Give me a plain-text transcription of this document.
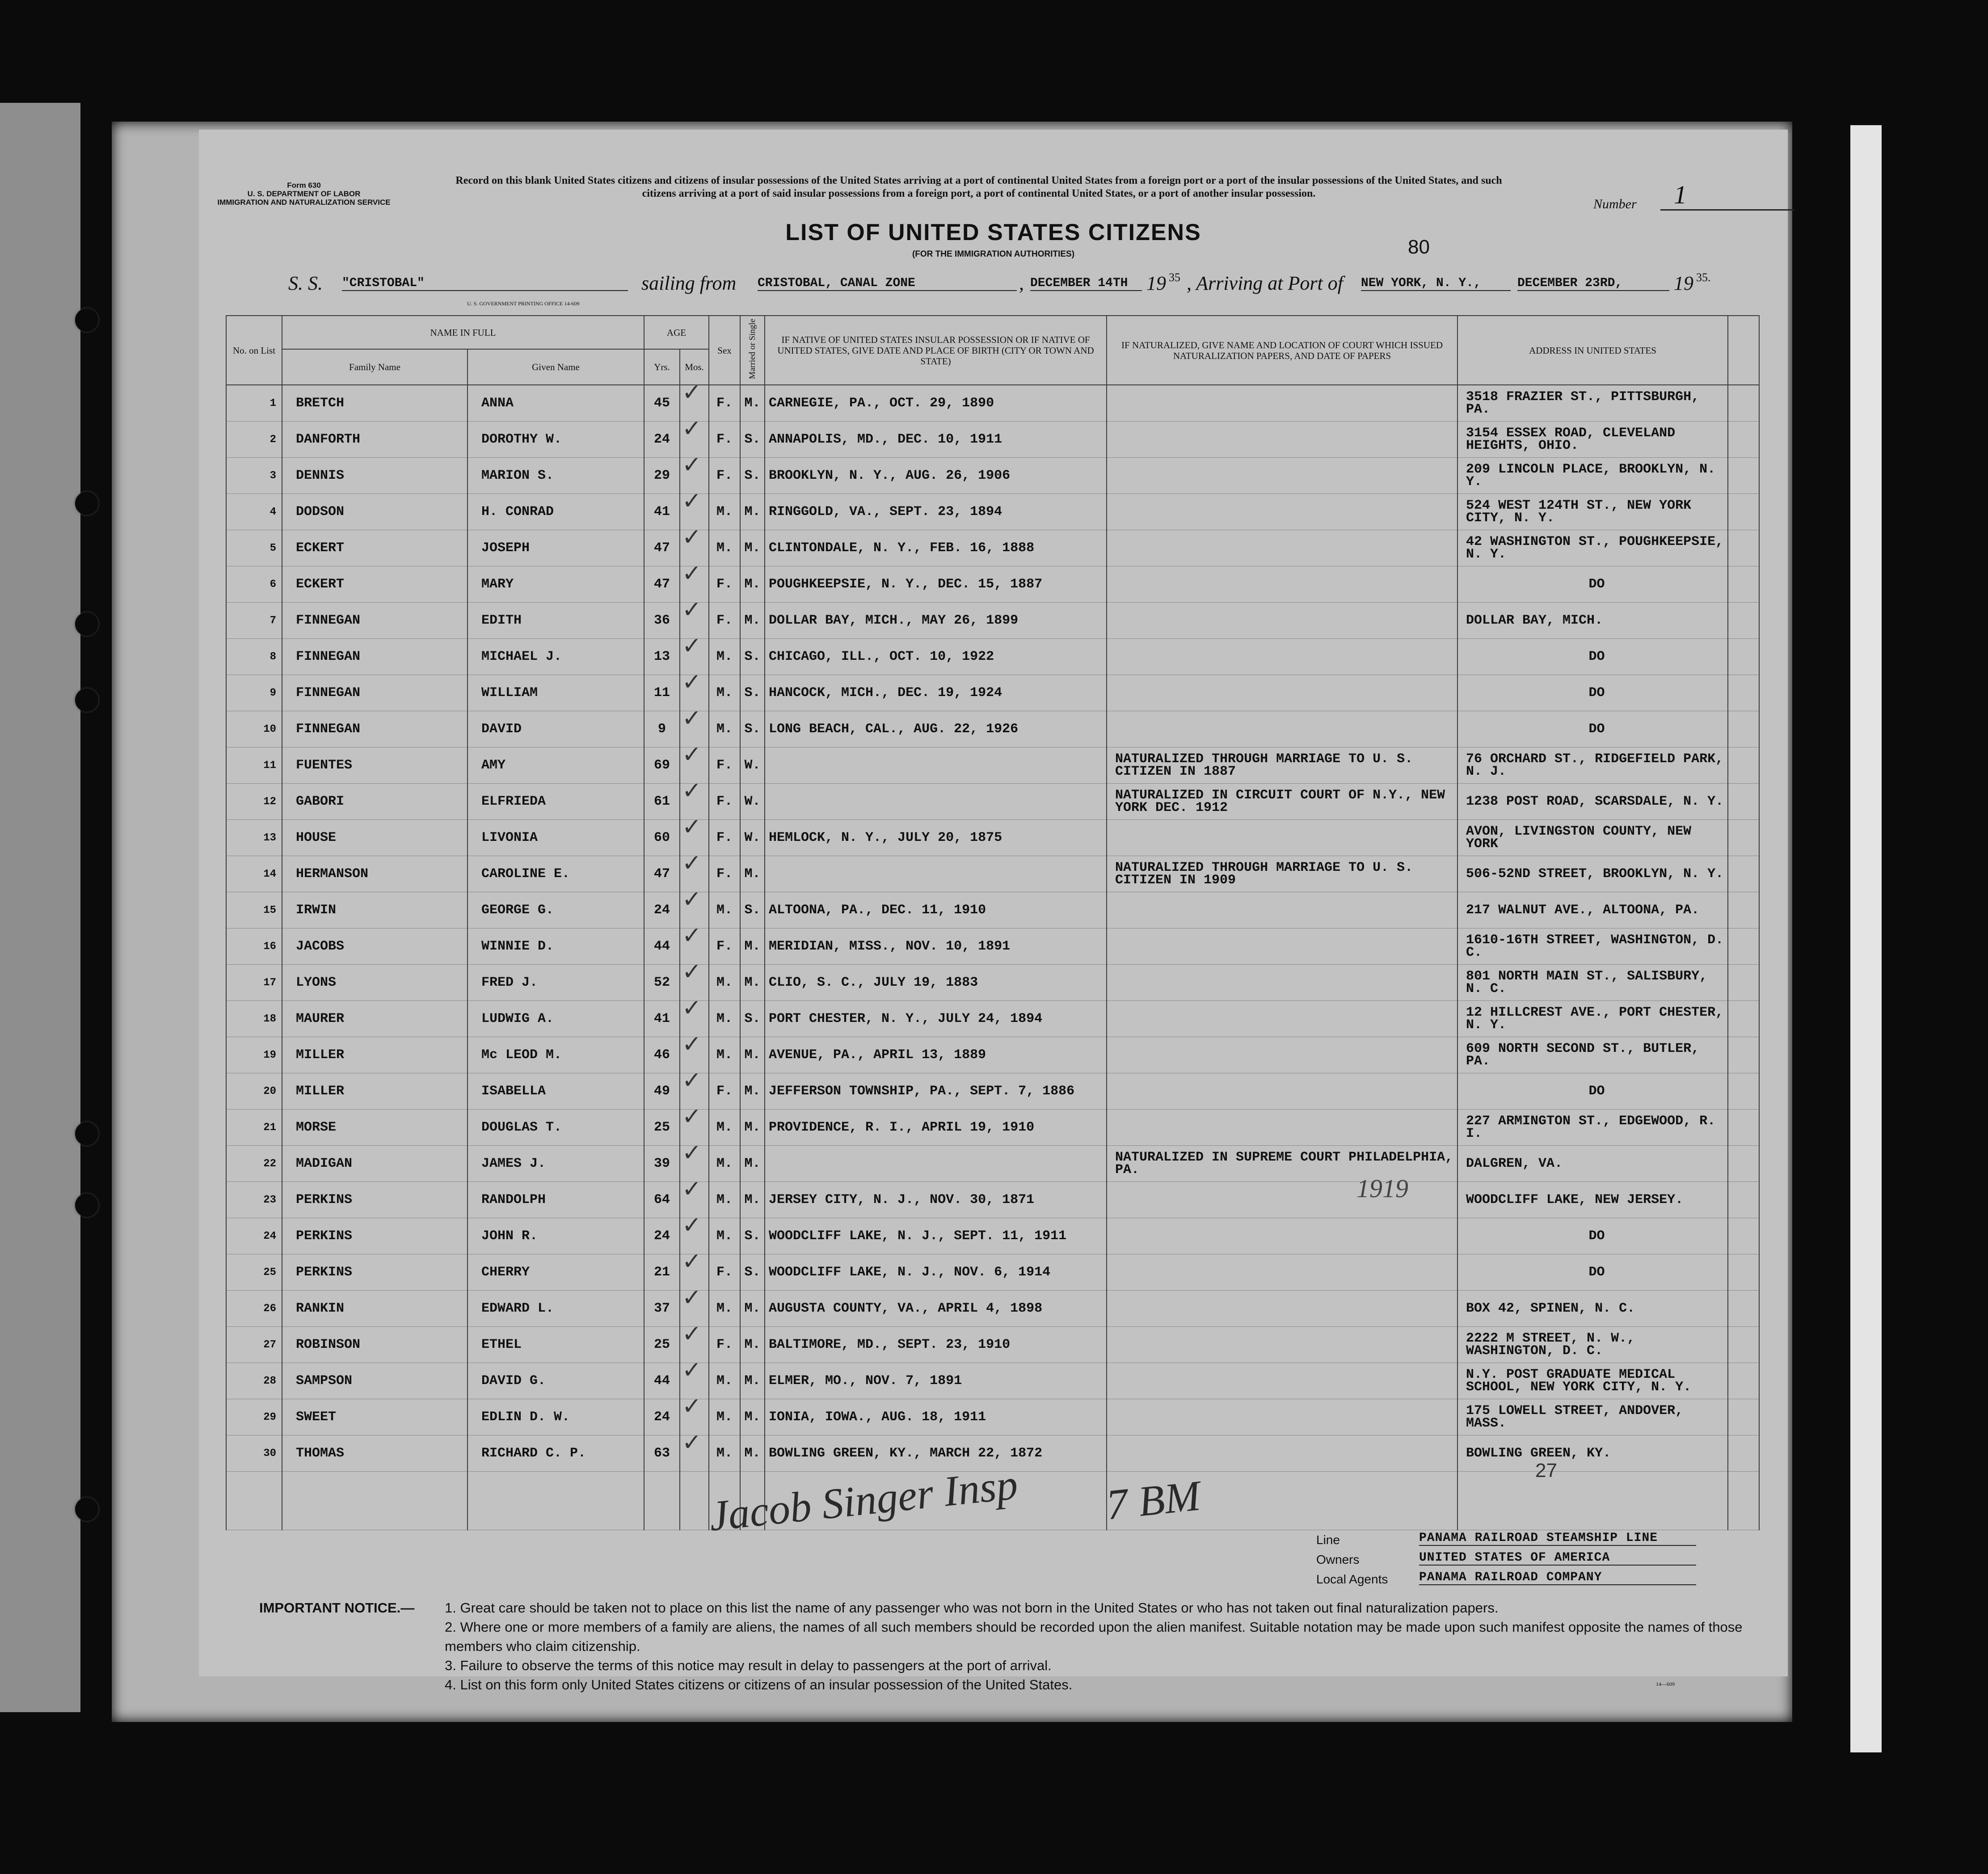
Form 630
U. S. DEPARTMENT OF LABOR
IMMIGRATION AND NATURALIZATION SERVICE
Record on this blank United States citizens and citizens of insular possessions of the United States arriving at a port of continental United States from a foreign port or a port of the insular possessions of the United States, and such citizens arriving at a port of said insular possessions from a foreign port, a port of continental United States, or a port of another insular possession.
Number 1
LIST OF UNITED STATES CITIZENS
(FOR THE IMMIGRATION AUTHORITIES)	80
S. S. "CRISTOBAL"	sailing from CRISTOBAL, CANAL ZONE	, DECEMBER 14TH 19 35 , Arriving at Port of NEW YORK, N. Y.,	DECEMBER 23RD,	19 35.
U. S. GOVERNMENT PRINTING OFFICE 14-609
No. on List	NAME IN FULL		AGE		Sex	Married or Single	IF NATIVE OF UNITED STATES INSULAR POSSESSION OR IF NATIVE OF UNITED STATES, GIVE DATE AND PLACE OF BIRTH (CITY OR TOWN AND STATE)	IF NATURALIZED, GIVE NAME AND LOCATION OF COURT WHICH ISSUED NATURALIZATION PAPERS, AND DATE OF PAPERS	ADDRESS IN UNITED STATES	
	Family Name	Given Name	Yrs.	Mos.						
1	BRETCH	ANNA	45	✓	F.	M.	CARNEGIE, PA., OCT. 29, 1890		3518 FRAZIER ST., PITTSBURGH, PA.	
2	DANFORTH	DOROTHY W.	24	✓	F.	S.	ANNAPOLIS, MD., DEC. 10, 1911		3154 ESSEX ROAD, CLEVELAND HEIGHTS, OHIO.	
3	DENNIS	MARION S.	29	✓	F.	S.	BROOKLYN, N. Y., AUG. 26, 1906		209 LINCOLN PLACE, BROOKLYN, N. Y.	
4	DODSON	H. CONRAD	41	✓	M.	M.	RINGGOLD, VA., SEPT. 23, 1894		524 WEST 124TH ST., NEW YORK CITY, N. Y.	
5	ECKERT	JOSEPH	47	✓	M.	M.	CLINTONDALE, N. Y., FEB. 16, 1888		42 WASHINGTON ST., POUGHKEEPSIE, N. Y.	
6	ECKERT	MARY	47	✓	F.	M.	POUGHKEEPSIE, N. Y., DEC. 15, 1887		DO	
7	FINNEGAN	EDITH	36	✓	F.	M.	DOLLAR BAY, MICH., MAY 26, 1899		DOLLAR BAY, MICH.	
8	FINNEGAN	MICHAEL J.	13	✓	M.	S.	CHICAGO, ILL., OCT. 10, 1922		DO	
9	FINNEGAN	WILLIAM	11	✓	M.	S.	HANCOCK, MICH., DEC. 19, 1924		DO	
10	FINNEGAN	DAVID	9	✓	M.	S.	LONG BEACH, CAL., AUG. 22, 1926		DO	
11	FUENTES	AMY	69	✓	F.	W.		NATURALIZED THROUGH MARRIAGE TO U. S. CITIZEN IN 1887	76 ORCHARD ST., RIDGEFIELD PARK, N. J.	
12	GABORI	ELFRIEDA	61	✓	F.	W.		NATURALIZED IN CIRCUIT COURT OF N.Y., NEW YORK DEC. 1912	1238 POST ROAD, SCARSDALE, N. Y.	
13	HOUSE	LIVONIA	60	✓	F.	W.	HEMLOCK, N. Y., JULY 20, 1875		AVON, LIVINGSTON COUNTY, NEW YORK	
14	HERMANSON	CAROLINE E.	47	✓	F.	M.		NATURALIZED THROUGH MARRIAGE TO U. S. CITIZEN IN 1909	506-52ND STREET, BROOKLYN, N. Y.	
15	IRWIN	GEORGE G.	24	✓	M.	S.	ALTOONA, PA., DEC. 11, 1910		217 WALNUT AVE., ALTOONA, PA.	
16	JACOBS	WINNIE D.	44	✓	F.	M.	MERIDIAN, MISS., NOV. 10, 1891		1610-16TH STREET, WASHINGTON, D. C.	
17	LYONS	FRED J.	52	✓	M.	M.	CLIO, S. C., JULY 19, 1883		801 NORTH MAIN ST., SALISBURY, N. C.	
18	MAURER	LUDWIG A.	41	✓	M.	S.	PORT CHESTER, N. Y., JULY 24, 1894		12 HILLCREST AVE., PORT CHESTER, N. Y.	
19	MILLER	Mc LEOD M.	46	✓	M.	M.	AVENUE, PA., APRIL 13, 1889		609 NORTH SECOND ST., BUTLER, PA.	
20	MILLER	ISABELLA	49	✓	F.	M.	JEFFERSON TOWNSHIP, PA., SEPT. 7, 1886		DO	
21	MORSE	DOUGLAS T.	25	✓	M.	M.	PROVIDENCE, R. I., APRIL 19, 1910		227 ARMINGTON ST., EDGEWOOD, R. I.	
22	MADIGAN	JAMES J.	39	✓	M.	M.		NATURALIZED IN SUPREME COURT PHILADELPHIA, PA.	DALGREN, VA.	
23	PERKINS	RANDOLPH	64	✓	M.	M.	JERSEY CITY, N. J., NOV. 30, 1871		WOODCLIFF LAKE, NEW JERSEY.	
24	PERKINS	JOHN R.	24	✓	M.	S.	WOODCLIFF LAKE, N. J., SEPT. 11, 1911		DO	
25	PERKINS	CHERRY	21	✓	F.	S.	WOODCLIFF LAKE, N. J., NOV. 6, 1914		DO	
26	RANKIN	EDWARD L.	37	✓	M.	M.	AUGUSTA COUNTY, VA., APRIL 4, 1898		BOX 42, SPINEN, N. C.	
27	ROBINSON	ETHEL	25	✓	F.	M.	BALTIMORE, MD., SEPT. 23, 1910		2222 M STREET, N. W., WASHINGTON, D. C.	
28	SAMPSON	DAVID G.	44	✓	M.	M.	ELMER, MO., NOV. 7, 1891		N.Y. POST GRADUATE MEDICAL SCHOOL, NEW YORK CITY, N. Y.	
29	SWEET	EDLIN D. W.	24	✓	M.	M.	IONIA, IOWA., AUG. 18, 1911		175 LOWELL STREET, ANDOVER, MASS.	
30	THOMAS	RICHARD C. P.	63	✓	M.	M.	BOWLING GREEN, KY., MARCH 22, 1872		BOWLING GREEN, KY.	

Jacob Singer Insp 7 BM
27
1919
Line	PANAMA RAILROAD STEAMSHIP LINE
Owners	UNITED STATES OF AMERICA
Local Agents PANAMA RAILROAD COMPANY
IMPORTANT NOTICE.— 1. Great care should be taken not to place on this list the name of any passenger who was not born in the United States or who has not taken out final naturalization papers.
2. Where one or more members of a family are aliens, the names of all such members should be recorded upon the alien manifest. Suitable notation may be made upon such manifest opposite the names of those members who claim citizenship.
3. Failure to observe the terms of this notice may result in delay to passengers at the port of arrival.
4. List on this form only United States citizens or citizens of an insular possession of the United States.	14—609
